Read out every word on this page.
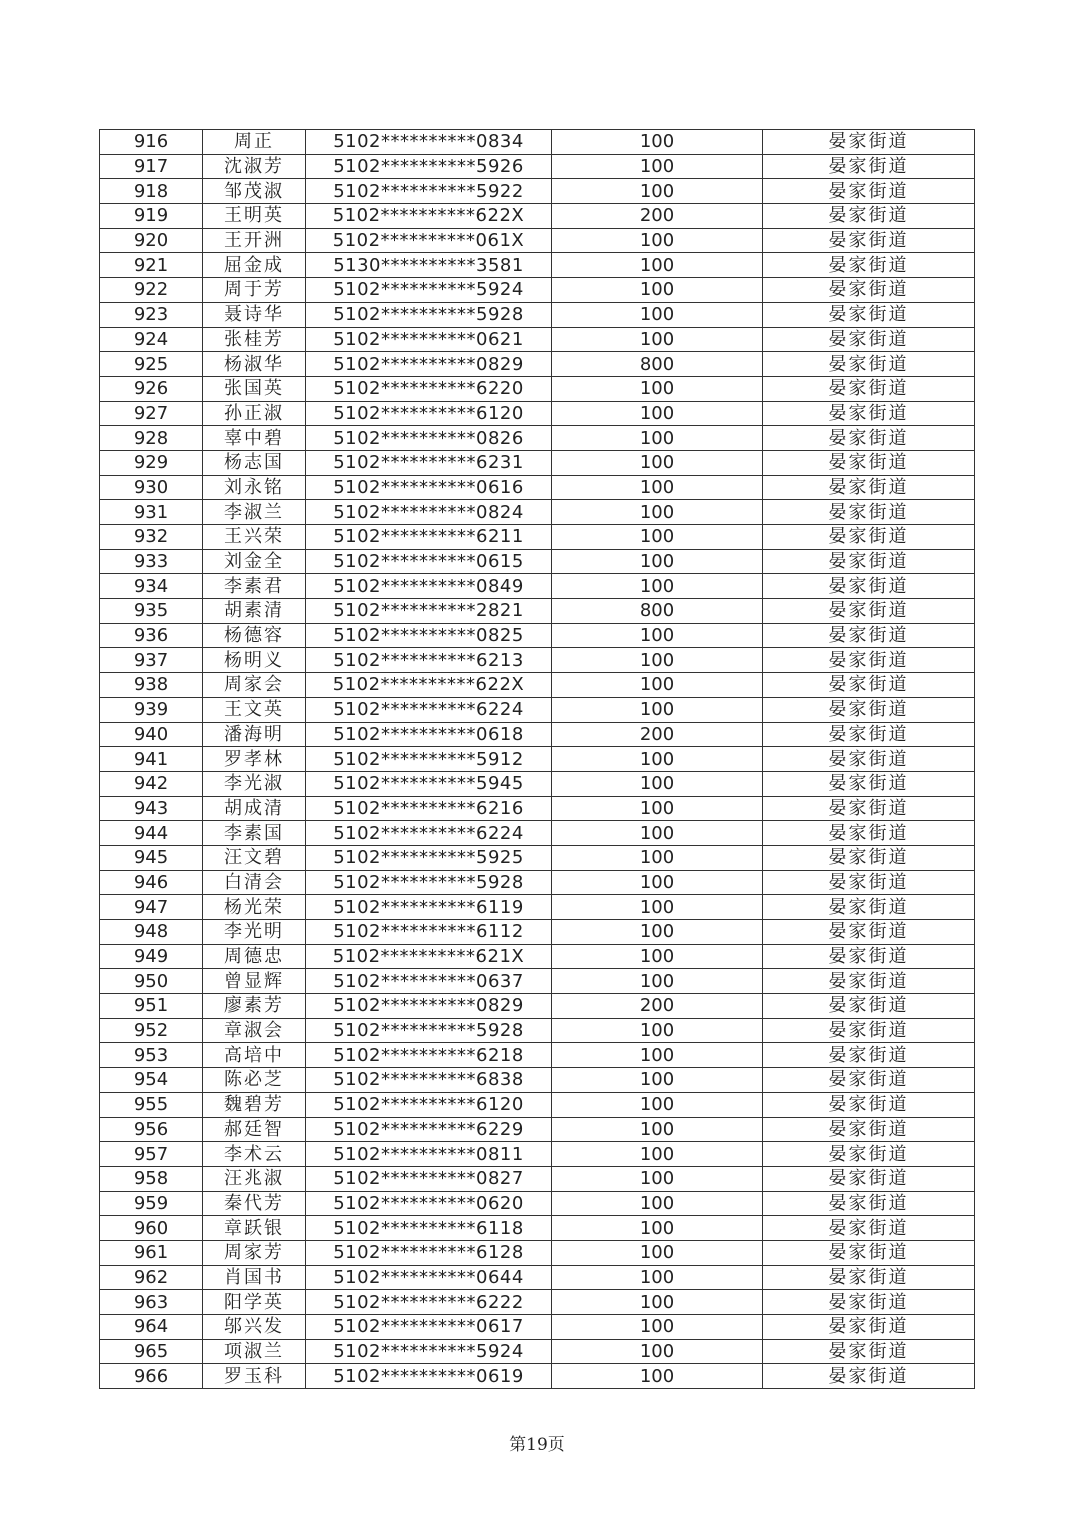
916	周正	5102**********0834	100	晏家街道
917	沈淑芳	5102**********5926	100	晏家街道
918	邹茂淑	5102**********5922	100	晏家街道
919	王明英	5102**********622X	200	晏家街道
920	王开洲	5102**********061X	100	晏家街道
921	屈金成	5130**********3581	100	晏家街道
922	周于芳	5102**********5924	100	晏家街道
923	聂诗华	5102**********5928	100	晏家街道
924	张桂芳	5102**********0621	100	晏家街道
925	杨淑华	5102**********0829	800	晏家街道
926	张国英	5102**********6220	100	晏家街道
927	孙正淑	5102**********6120	100	晏家街道
928	辜中碧	5102**********0826	100	晏家街道
929	杨志国	5102**********6231	100	晏家街道
930	刘永铭	5102**********0616	100	晏家街道
931	李淑兰	5102**********0824	100	晏家街道
932	王兴荣	5102**********6211	100	晏家街道
933	刘金全	5102**********0615	100	晏家街道
934	李素君	5102**********0849	100	晏家街道
935	胡素清	5102**********2821	800	晏家街道
936	杨德容	5102**********0825	100	晏家街道
937	杨明义	5102**********6213	100	晏家街道
938	周家会	5102**********622X	100	晏家街道
939	王文英	5102**********6224	100	晏家街道
940	潘海明	5102**********0618	200	晏家街道
941	罗孝林	5102**********5912	100	晏家街道
942	李光淑	5102**********5945	100	晏家街道
943	胡成清	5102**********6216	100	晏家街道
944	李素国	5102**********6224	100	晏家街道
945	汪文碧	5102**********5925	100	晏家街道
946	白清会	5102**********5928	100	晏家街道
947	杨光荣	5102**********6119	100	晏家街道
948	李光明	5102**********6112	100	晏家街道
949	周德忠	5102**********621X	100	晏家街道
950	曾显辉	5102**********0637	100	晏家街道
951	廖素芳	5102**********0829	200	晏家街道
952	章淑会	5102**********5928	100	晏家街道
953	高培中	5102**********6218	100	晏家街道
954	陈必芝	5102**********6838	100	晏家街道
955	魏碧芳	5102**********6120	100	晏家街道
956	郝廷智	5102**********6229	100	晏家街道
957	李术云	5102**********0811	100	晏家街道
958	汪兆淑	5102**********0827	100	晏家街道
959	秦代芳	5102**********0620	100	晏家街道
960	章跃银	5102**********6118	100	晏家街道
961	周家芳	5102**********6128	100	晏家街道
962	肖国书	5102**********0644	100	晏家街道
963	阳学英	5102**********6222	100	晏家街道
964	邬兴发	5102**********0617	100	晏家街道
965	项淑兰	5102**********5924	100	晏家街道
966	罗玉科	5102**********0619	100	晏家街道
第19页
